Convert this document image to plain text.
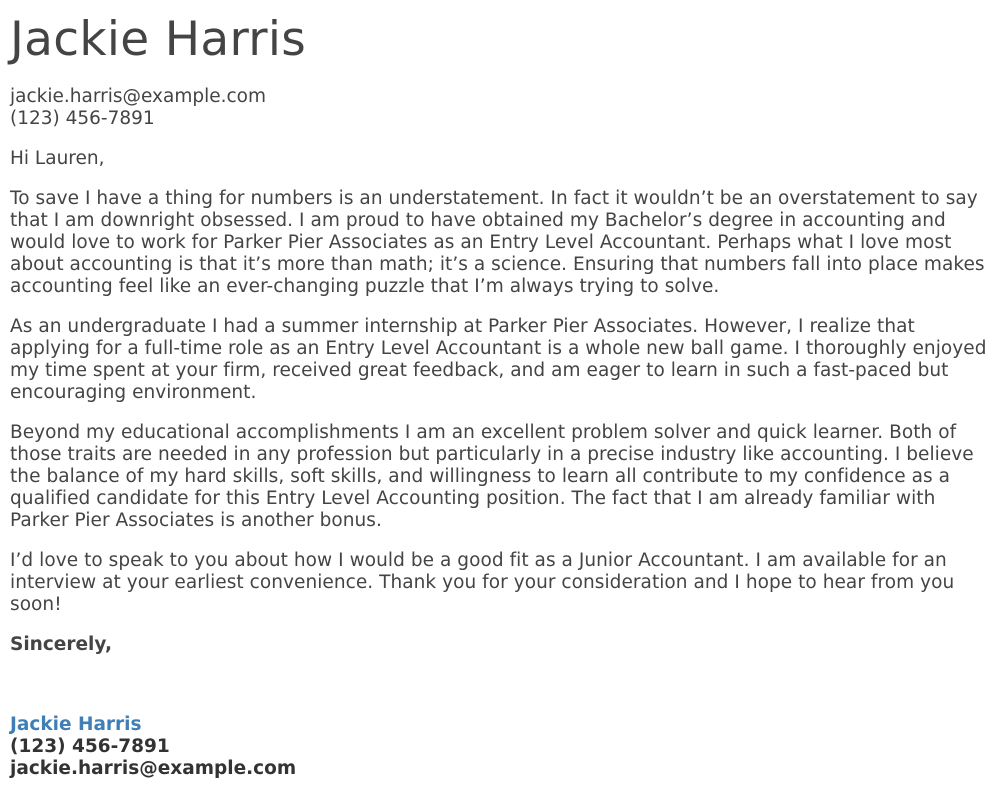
Jackie Harris
jackie.harris@example.com
(123) 456-7891
Hi Lauren,

To save I have a thing for numbers is an understatement. In fact it wouldn’t be an overstatement to say that I am downright obsessed. I am proud to have obtained my Bachelor’s degree in accounting and would love to work for Parker Pier Associates as an Entry Level Accountant. Perhaps what I love most about accounting is that it’s more than math; it’s a science. Ensuring that numbers fall into place makes accounting feel like an ever-changing puzzle that I’m always trying to solve.

As an undergraduate I had a summer internship at Parker Pier Associates. However, I realize that applying for a full-time role as an Entry Level Accountant is a whole new ball game. I thoroughly enjoyed my time spent at your firm, received great feedback, and am eager to learn in such a fast-paced but encouraging environment.

Beyond my educational accomplishments I am an excellent problem solver and quick learner. Both of those traits are needed in any profession but particularly in a precise industry like accounting. I believe the balance of my hard skills, soft skills, and willingness to learn all contribute to my confidence as a qualified candidate for this Entry Level Accounting position. The fact that I am already familiar with Parker Pier Associates is another bonus.

I’d love to speak to you about how I would be a good fit as a Junior Accountant. I am available for an interview at your earliest convenience. Thank you for your consideration and I hope to hear from you soon!

Sincerely,
Jackie Harris
(123) 456-7891
jackie.harris@example.com
